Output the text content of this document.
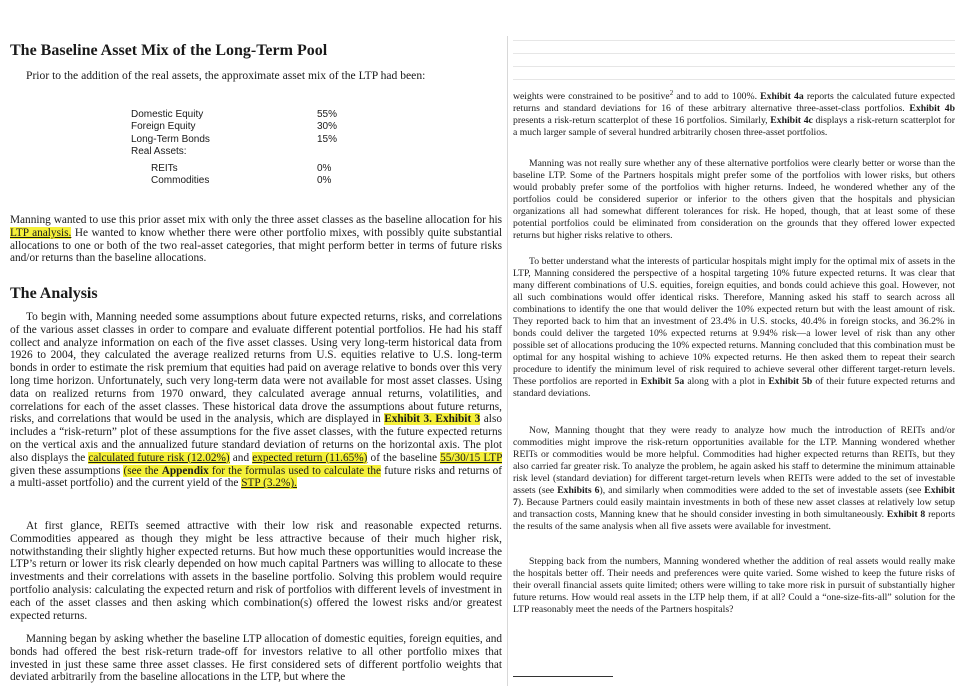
The Baseline Asset Mix of the Long-Term Pool
Prior to the addition of the real assets, the approximate asset mix of the LTP had been:
Domestic Equity	55%
Foreign Equity	30%
Long-Term Bonds	15%
Real Assets:
REITs	0%
Commodities	0%

Manning wanted to use this prior asset mix with only the three asset classes as the baseline allocation for his LTP analysis. He wanted to know whether there were other portfolio mixes, with possibly quite substantial allocations to one or both of the two real-asset categories, that might perform better in terms of future risks and/or returns than the baseline allocations.

The Analysis

To begin with, Manning needed some assumptions about future expected returns, risks, and correlations of the various asset classes in order to compare and evaluate different potential portfolios. He had his staff collect and analyze information on each of the five asset classes. Using very long-term historical data from 1926 to 2004, they calculated the average realized returns from U.S. equities relative to U.S. long-term bonds in order to estimate the risk premium that equities had paid on average relative to bonds over this very long time horizon. Unfortunately, such very long-term data were not available for most asset classes. Using data on realized returns from 1970 onward, they calculated average annual returns, volatilities, and correlations for each of the asset classes. These historical data drove the assumptions about future returns, risks, and correlations that would be used in the analysis, which are displayed in Exhibit 3. Exhibit 3 also includes a “risk-return” plot of these assumptions for the five asset classes, with the future expected returns on the vertical axis and the annualized future standard deviation of returns on the horizontal axis. The plot also displays the calculated future risk (12.02%) and expected return (11.65%) of the baseline 55/30/15 LTP given these assumptions (see the Appendix for the formulas used to calculate the future risks and returns of a multi-asset portfolio) and the current yield of the STP (3.2%).

At first glance, REITs seemed attractive with their low risk and reasonable expected returns. Commodities appeared as though they might be less attractive because of their much higher risk, notwithstanding their slightly higher expected returns. But how much these opportunities would increase the LTP’s return or lower its risk clearly depended on how much capital Partners was willing to allocate to these investments and their correlations with assets in the baseline portfolio. Solving this problem would require portfolio analysis: calculating the expected return and risk of portfolios with different levels of investment in each of the asset classes and then asking which combination(s) offered the lowest risks and/or greatest expected returns.

Manning began by asking whether the baseline LTP allocation of domestic equities, foreign equities, and bonds had offered the best risk-return trade-off for investors relative to all other portfolio mixes that invested in just these same three asset classes. He first considered sets of different portfolio weights that deviated arbitrarily from the baseline allocations in the LTP, but where the

weights were constrained to be positive$^2$ and to add to 100%. Exhibit 4a reports the calculated future expected returns and standard deviations for 16 of these arbitrary alternative three-asset-class portfolios. Exhibit 4b presents a risk-return scatterplot of these 16 portfolios. Similarly, Exhibit 4c displays a risk-return scatterplot for a much larger sample of several hundred arbitrarily chosen three-asset portfolios.

Manning was not really sure whether any of these alternative portfolios were clearly better or worse than the baseline LTP. Some of the Partners hospitals might prefer some of the portfolios with lower risks, but others would probably prefer some of the portfolios with higher returns. Indeed, he wondered whether any of the portfolios could be considered superior or inferior to the others given that the hospitals and physician organizations all had somewhat different tolerances for risk. He hoped, though, that at least some of these potential portfolios could be eliminated from consideration on the grounds that they offered lower expected returns but higher risks relative to others.

To better understand what the interests of particular hospitals might imply for the optimal mix of assets in the LTP, Manning considered the perspective of a hospital targeting 10% future expected returns. It was clear that many different combinations of U.S. equities, foreign equities, and bonds could achieve this goal. However, not all such combinations would offer identical risks. Therefore, Manning asked his staff to search across all combinations to identify the one that would deliver the 10% expected return but with the least amount of risk. They reported back to him that an investment of 23.4% in U.S. stocks, 40.4% in foreign stocks, and 36.2% in bonds could deliver the targeted 10% expected returns at 9.94% risk—a lower level of risk than any other possible set of allocations producing the 10% expected returns. Manning concluded that this combination must be optimal for any hospital wishing to achieve 10% expected returns. He then asked them to repeat their search procedure to identify the minimum level of risk required to achieve several other different target-return levels. These portfolios are reported in Exhibit 5a along with a plot in Exhibit 5b of their future expected returns and standard deviations.

Now, Manning thought that they were ready to analyze how much the introduction of REITs and/or commodities might improve the risk-return opportunities available for the LTP. Manning wondered whether REITs or commodities would be more helpful. Commodities had higher expected returns than REITs, but they also carried far greater risk. To analyze the problem, he again asked his staff to determine the minimum attainable risk level (standard deviation) for different target-return levels when REITs were added to the set of investable assets (see Exhibits 6), and similarly when commodities were added to the set of investable assets (see Exhibit 7). Because Partners could easily maintain investments in both of these new asset classes at relatively low setup and transaction costs, Manning knew that he should consider investing in both simultaneously. Exhibit 8 reports the results of the same analysis when all five assets were available for investment.

Stepping back from the numbers, Manning wondered whether the addition of real assets would really make the hospitals better off. Their needs and preferences were quite varied. Some wished to keep the future risks of their overall financial assets quite limited; others were willing to take more risk in pursuit of substantially higher future returns. How would real assets in the LTP help them, if at all? Could a “one-size-fits-all” solution for the LTP reasonably meet the needs of the Partners hospitals?
